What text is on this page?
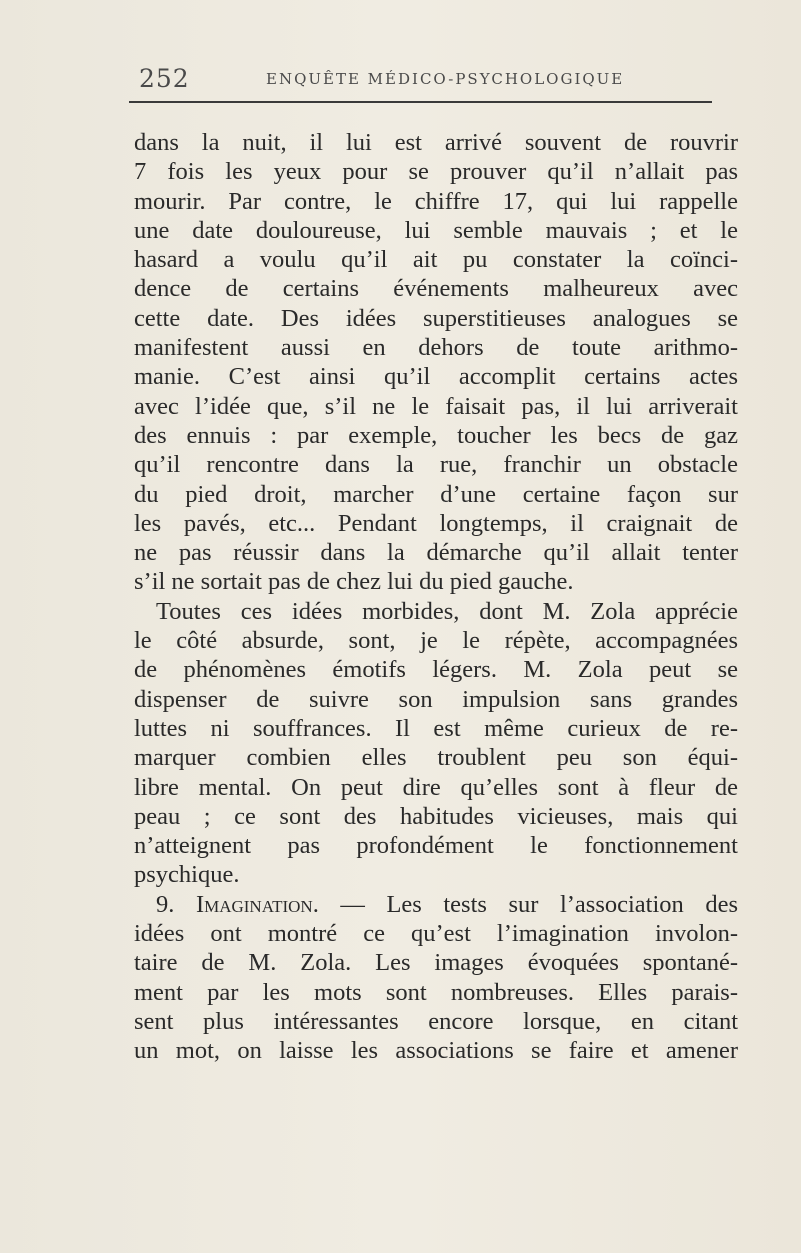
252	ENQUÊTE MÉDICO-PSYCHOLOGIQUE
dans la nuit, il lui est arrivé souvent de rouvrir
7 fois les yeux pour se prouver qu’il n’allait pas
mourir. Par contre, le chiffre 17, qui lui rappelle
une date douloureuse, lui semble mauvais ; et le
hasard a voulu qu’il ait pu constater la coïnci-
dence de certains événements malheureux avec
cette date. Des idées superstitieuses analogues se
manifestent aussi en dehors de toute arithmo-
manie. C’est ainsi qu’il accomplit certains actes
avec l’idée que, s’il ne le faisait pas, il lui arriverait
des ennuis : par exemple, toucher les becs de gaz
qu’il rencontre dans la rue, franchir un obstacle
du pied droit, marcher d’une certaine façon sur
les pavés, etc... Pendant longtemps, il craignait de
ne pas réussir dans la démarche qu’il allait tenter
s’il ne sortait pas de chez lui du pied gauche.
Toutes ces idées morbides, dont M. Zola apprécie
le côté absurde, sont, je le répète, accompagnées
de phénomènes émotifs légers. M. Zola peut se
dispenser de suivre son impulsion sans grandes
luttes ni souffrances. Il est même curieux de re-
marquer combien elles troublent peu son équi-
libre mental. On peut dire qu’elles sont à fleur de
peau ; ce sont des habitudes vicieuses, mais qui
n’atteignent pas profondément le fonctionnement
psychique.
9. Imagination. — Les tests sur l’association des
idées ont montré ce qu’est l’imagination involon-
taire de M. Zola. Les images évoquées spontané-
ment par les mots sont nombreuses. Elles parais-
sent plus intéressantes encore lorsque, en citant
un mot, on laisse les associations se faire et amener
